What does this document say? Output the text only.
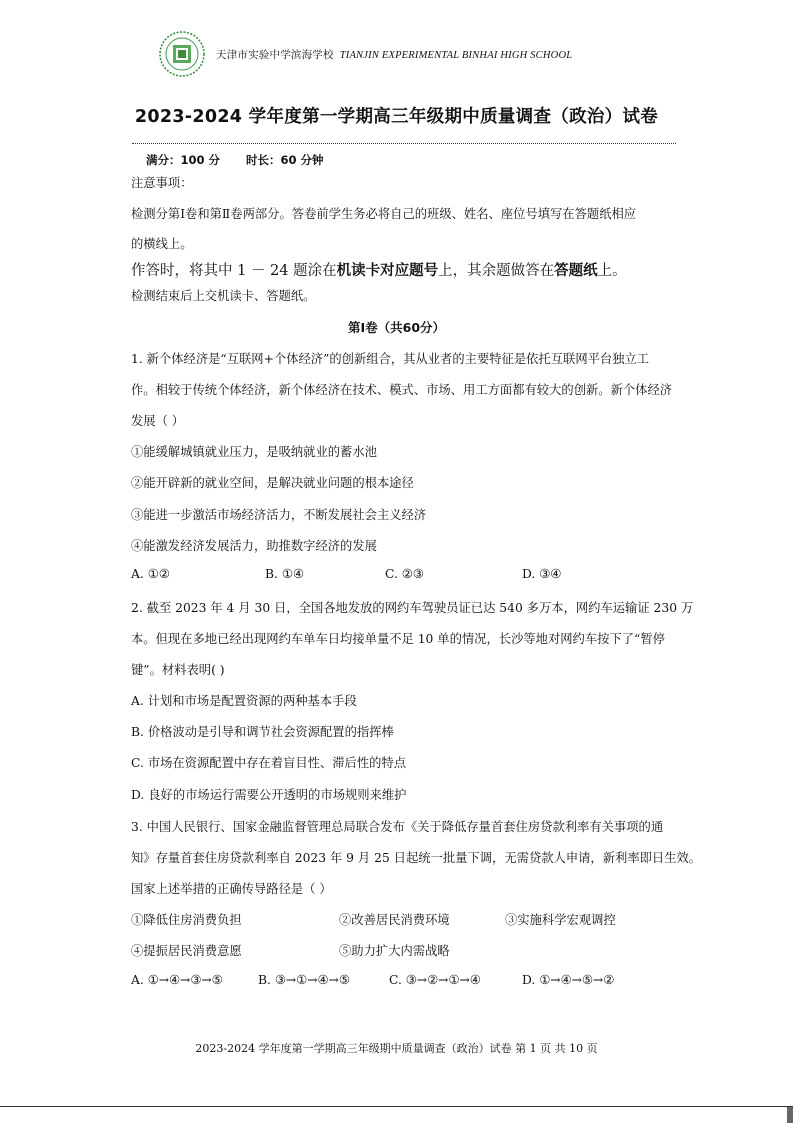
天津市实验中学滨海学校 TIANJIN EXPERIMENTAL BINHAI HIGH SCHOOL
2023-2024 学年度第一学期高三年级期中质量调查（政治）试卷
满分：100 分 时长：60 分钟
注意事项：
检测分第Ⅰ卷和第Ⅱ卷两部分。答卷前学生务必将自己的班级、姓名、座位号填写在答题纸相应
的横线上。
作答时，将其中 1 － 24 题涂在机读卡对应题号上，其余题做答在答题纸上。
检测结束后上交机读卡、答题纸。
第Ⅰ卷（共60分）
1. 新个体经济是“互联网+个体经济”的创新组合，其从业者的主要特征是依托互联网平台独立工
作。相较于传统个体经济，新个体经济在技术、模式、市场、用工方面都有较大的创新。新个体经济
发展（ ）
①能缓解城镇就业压力，是吸纳就业的蓄水池
②能开辟新的就业空间，是解决就业问题的根本途径
③能进一步激活市场经济活力，不断发展社会主义经济
④能激发经济发展活力，助推数字经济的发展
A. ①②	B. ①④	C. ②③	D. ③④
2. 截至 2023 年 4 月 30 日，全国各地发放的网约车驾驶员证已达 540 多万本，网约车运输证 230 万
本。但现在多地已经出现网约车单车日均接单量不足 10 单的情况，长沙等地对网约车按下了“暂停
键”。材料表明( )
A. 计划和市场是配置资源的两种基本手段
B. 价格波动是引导和调节社会资源配置的指挥棒
C. 市场在资源配置中存在着盲目性、滞后性的特点
D. 良好的市场运行需要公开透明的市场规则来维护
3. 中国人民银行、国家金融监督管理总局联合发布《关于降低存量首套住房贷款利率有关事项的通
知》存量首套住房贷款利率自 2023 年 9 月 25 日起统一批量下调，无需贷款人申请，新利率即日生效。
国家上述举措的正确传导路径是（ ）
①降低住房消费负担	②改善居民消费环境	③实施科学宏观调控
④提振居民消费意愿	⑤助力扩大内需战略
A. ①→④→③→⑤	B. ③→①→④→⑤	C. ③→②→①→④	D. ①→④→⑤→②
2023-2024 学年度第一学期高三年级期中质量调查（政治）试卷 第 1 页 共 10 页
